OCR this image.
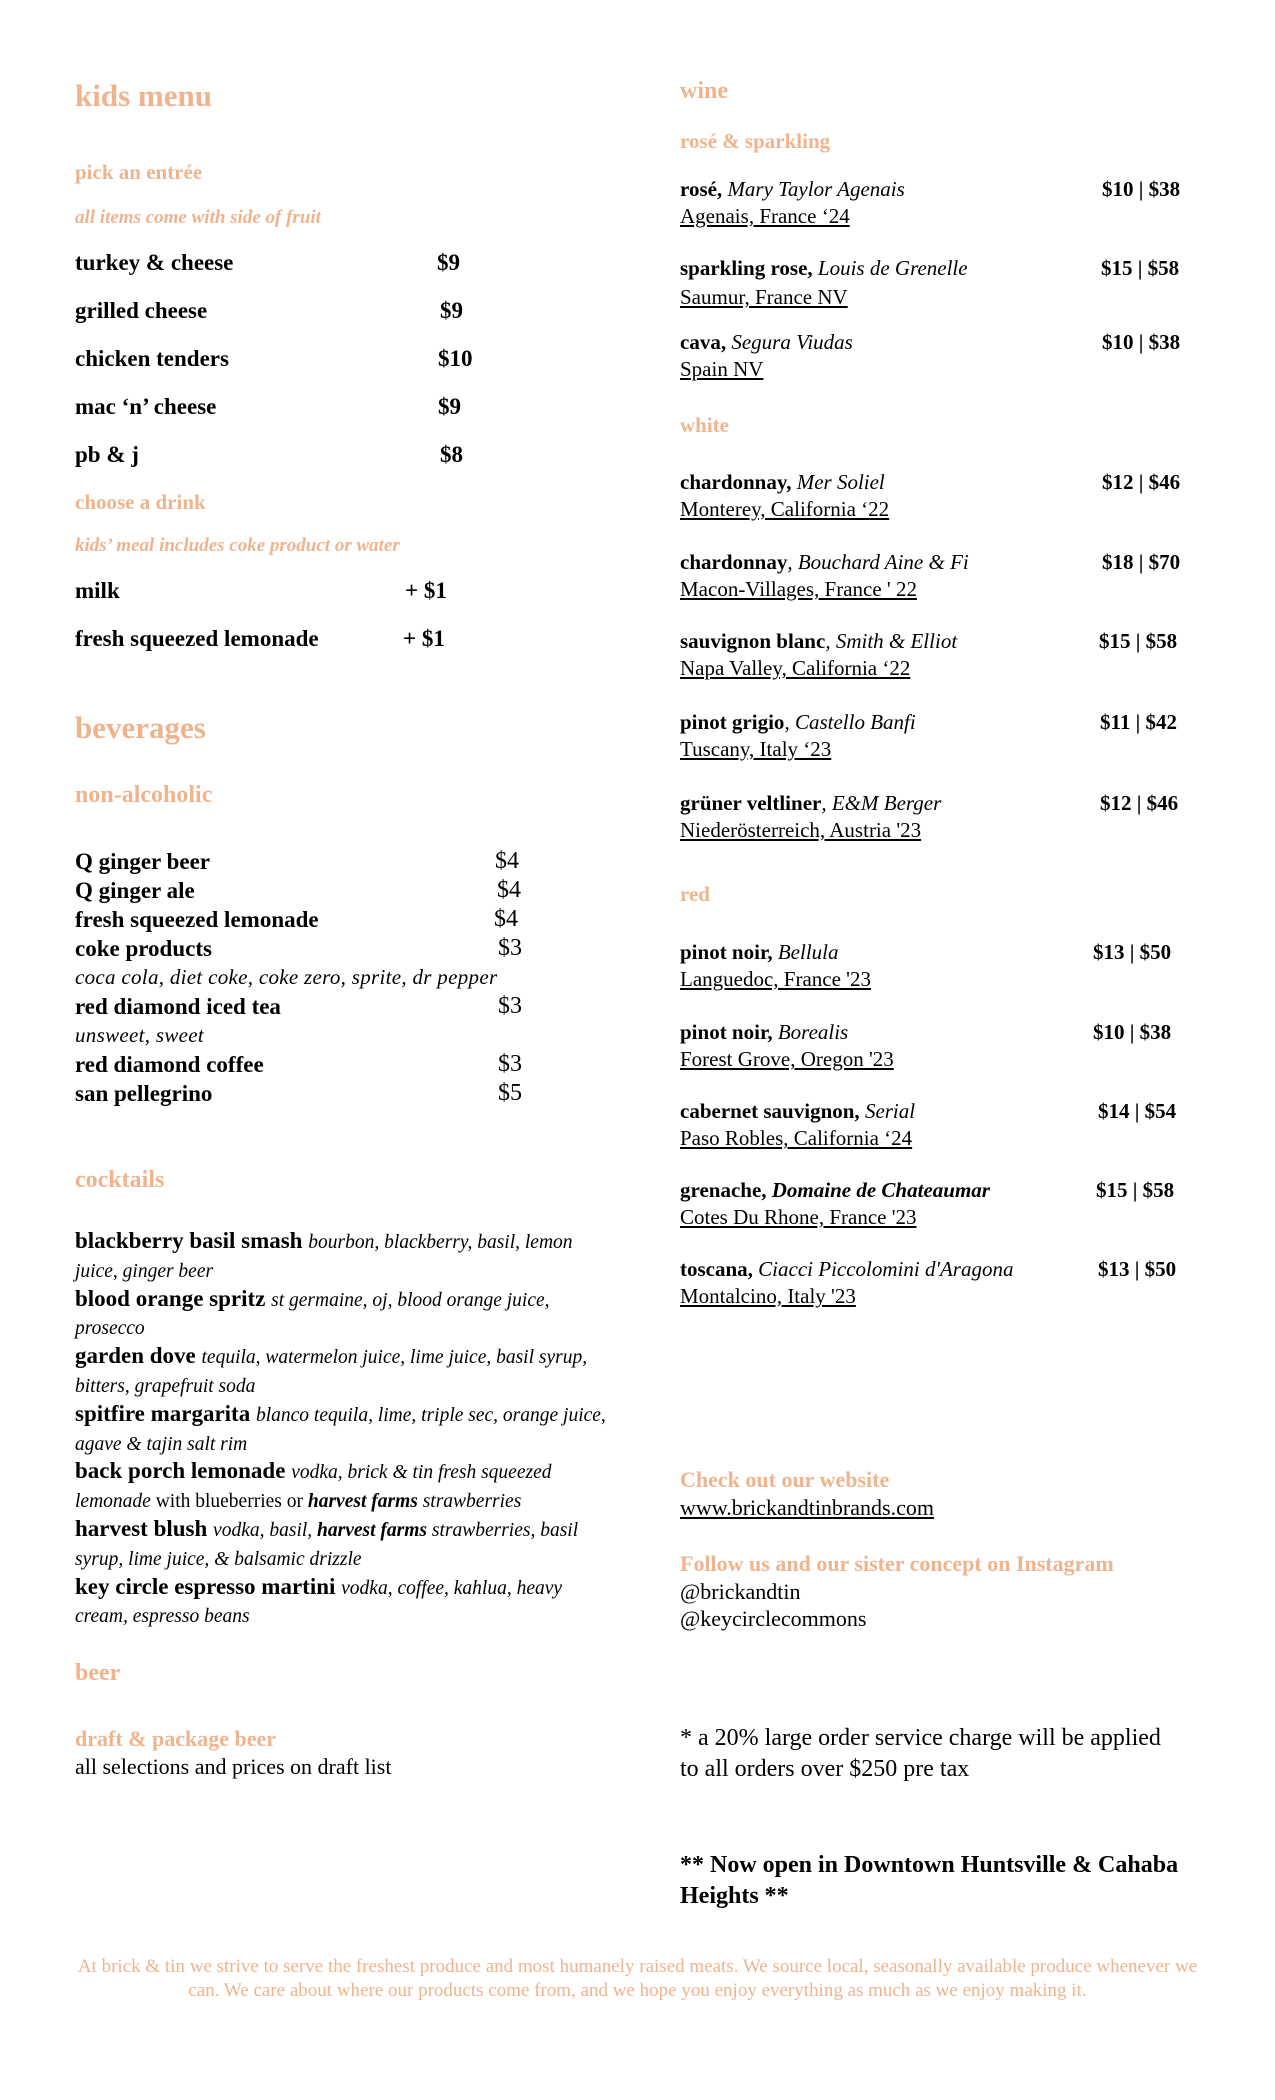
kids menu
pick an entrée
all items come with side of fruit
turkey & cheese	$9
grilled cheese	$9
chicken tenders	$10
mac ‘n’ cheese	$9
pb & j	$8
choose a drink
kids’ meal includes coke product or water
milk	+ $1
fresh squeezed lemonade	+ $1
beverages
non-alcoholic
Q ginger beer	$4
Q ginger ale	$4
fresh squeezed lemonade	$4
coke products	$3
coca cola, diet coke, coke zero, sprite, dr pepper
red diamond iced tea	$3
unsweet, sweet
red diamond coffee	$3
san pellegrino	$5
cocktails
blackberry basil smash bourbon, blackberry, basil, lemon juice, ginger beer
blood orange spritz st germaine, oj, blood orange juice, prosecco
garden dove tequila, watermelon juice, lime juice, basil syrup, bitters, grapefruit soda
spitfire margarita blanco tequila, lime, triple sec, orange juice, agave & tajin salt rim
back porch lemonade vodka, brick & tin fresh squeezed lemonade with blueberries or harvest farms strawberries
harvest blush vodka, basil, harvest farms strawberries, basil syrup, lime juice, & balsamic drizzle
key circle espresso martini vodka, coffee, kahlua, heavy cream, espresso beans
beer
draft & package beer
all selections and prices on draft list
wine
rosé & sparkling
rosé, Mary Taylor Agenais	$10 | $38
Agenais, France ‘24
sparkling rose, Louis de Grenelle	$15 | $58
Saumur, France NV
cava, Segura Viudas	$10 | $38
Spain NV
white
chardonnay, Mer Soliel	$12 | $46
Monterey, California ‘22
chardonnay, Bouchard Aine & Fi	$18 | $70
Macon-Villages, France ' 22
sauvignon blanc, Smith & Elliot	$15 | $58
Napa Valley, California ‘22
pinot grigio, Castello Banfi	$11 | $42
Tuscany, Italy ‘23
grüner veltliner, E&M Berger	$12 | $46
Niederösterreich, Austria '23
red
pinot noir, Bellula	$13 | $50
Languedoc, France '23
pinot noir, Borealis	$10 | $38
Forest Grove, Oregon '23
cabernet sauvignon, Serial	$14 | $54
Paso Robles, California ‘24
grenache, Domaine de Chateaumar	$15 | $58
Cotes Du Rhone, France '23
toscana, Ciacci Piccolomini d'Aragona	$13 | $50
Montalcino, Italy '23
Check out our website
www.brickandtinbrands.com
Follow us and our sister concept on Instagram
@brickandtin
@keycirclecommons
* a 20% large order service charge will be applied to all orders over $250 pre tax
** Now open in Downtown Huntsville & Cahaba Heights **
At brick & tin we strive to serve the freshest produce and most humanely raised meats. We source local, seasonally available produce whenever we can. We care about where our products come from, and we hope you enjoy everything as much as we enjoy making it.
